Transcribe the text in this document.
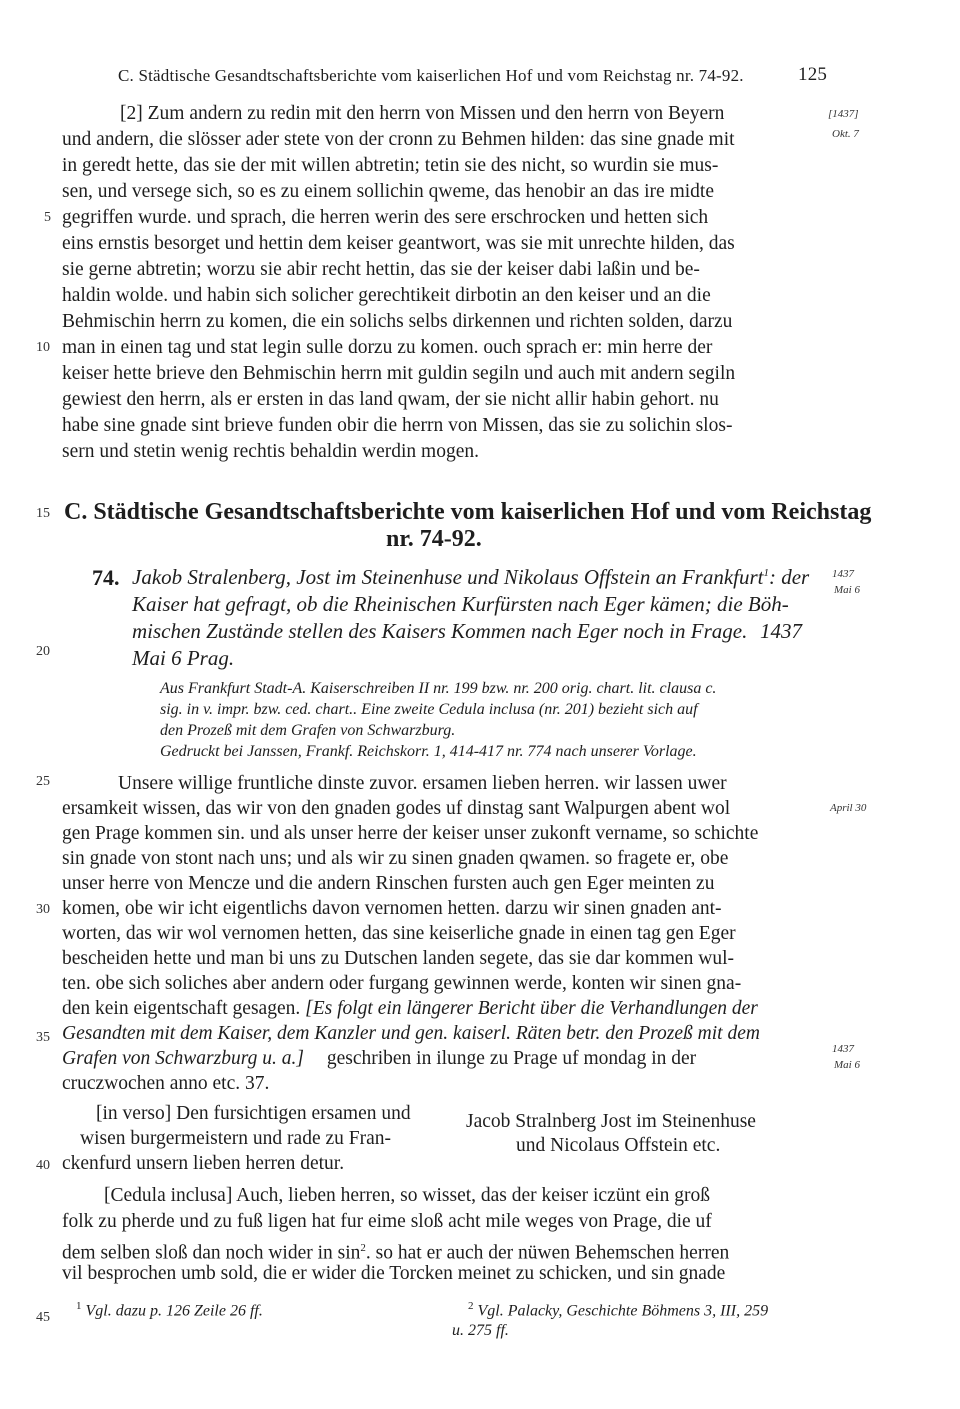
C. Städtische Gesandtschaftsberichte vom kaiserlichen Hof und vom Reichstag nr. 74-92.	125
[1437]
Okt. 7
[2] Zum andern zu redin mit den herrn von Missen und den herrn von Beyern
und andern, die slösser ader stete von der cronn zu Behmen hilden: das sine gnade mit
in geredt hette, das sie der mit willen abtretin; tetin sie des nicht, so wurdin sie mus-
sen, und versege sich, so es zu einem sollichin qweme, das henobir an das ire midte
gegriffen wurde. und sprach, die herren werin des sere erschrocken und hetten sich
eins ernstis besorget und hettin dem keiser geantwort, was sie mit unrechte hilden, das
sie gerne abtretin; worzu sie abir recht hettin, das sie der keiser dabi laßin und be-
haldin wolde. und habin sich solicher gerechtikeit dirbotin an den keiser und an die
Behmischin herrn zu komen, die ein solichs selbs dirkennen und richten solden, darzu
man in einen tag und stat legin sulle dorzu zu komen. ouch sprach er: min herre der
keiser hette brieve den Behmischin herrn mit guldin segiln und auch mit andern segiln
gewiest den herrn, als er ersten in das land qwam, der sie nicht allir habin gehort. nu
habe sine gnade sint brieve funden obir die herrn von Missen, das sie zu solichin slos-
sern und stetin wenig rechtis behaldin werdin mogen.
5
10
15
20
25
30
35
40
45
C. Städtische Gesandtschaftsberichte vom kaiserlichen Hof und vom Reichstag
nr. 74-92.
74. Jakob Stralenberg, Jost im Steinenhuse und Nikolaus Offstein an Frankfurt$^1$: der
Kaiser hat gefragt, ob die Rheinischen Kurfürsten nach Eger kämen; die Böh-
mischen Zustände stellen des Kaisers Kommen nach Eger noch in Frage. 1437
Mai 6 Prag.
1437
Mai 6
Aus Frankfurt Stadt-A. Kaiserschreiben II nr. 199 bzw. nr. 200 orig. chart. lit. clausa c.
sig. in v. impr. bzw. ced. chart.. Eine zweite Cedula inclusa (nr. 201) bezieht sich auf
den Prozeß mit dem Grafen von Schwarzburg.
Gedruckt bei Janssen, Frankf. Reichskorr. 1, 414-417 nr. 774 nach unserer Vorlage.
Unsere willige fruntliche dinste zuvor. ersamen lieben herren. wir lassen uwer
ersamkeit wissen, das wir von den gnaden godes uf dinstag sant Walpurgen abent wol	April 30
gen Prage kommen sin. und als unser herre der keiser unser zukonft vername, so schichte
sin gnade von stont nach uns; und als wir zu sinen gnaden qwamen. so fragete er, obe
unser herre von Mencze und die andern Rinschen fursten auch gen Eger meinten zu
komen, obe wir icht eigentlichs davon vernomen hetten. darzu wir sinen gnaden ant-
worten, das wir wol vernomen hetten, das sine keiserliche gnade in einen tag gen Eger
bescheiden hette und man bi uns zu Dutschen landen segete, das sie dar kommen wul-
ten. obe sich soliches aber andern oder furgang gewinnen werde, konten wir sinen gna-
den kein eigentschaft gesagen. [Es folgt ein längerer Bericht über die Verhandlungen der
Gesandten mit dem Kaiser, dem Kanzler und gen. kaiserl. Räten betr. den Prozeß mit dem
Grafen von Schwarzburg u. a.] geschriben in ilunge zu Prage uf mondag in der	1437
Mai 6
cruczwochen anno etc. 37.
[in verso] Den fursichtigen ersamen und
wisen burgermeistern und rade zu Fran-
ckenfurd unsern lieben herren detur.
Jacob Stralnberg Jost im Steinenhuse
und Nicolaus Offstein etc.
[Cedula inclusa] Auch, lieben herren, so wisset, das der keiser iczünt ein groß
folk zu pherde und zu fuß ligen hat fur eime sloß acht mile weges von Prage, die uf
dem selben sloß dan noch wider in $\sin^2$. so hat er auch der nüwen Behemschen herren
vil besprochen umb sold, die er wider die Torcken meinet zu schicken, und sin gnade
$^1$ Vgl. dazu p. 126 Zeile 26 ff.	$^2$ Vgl. Palacky, Geschichte Böhmens 3, III, 259
u. 275 ff.
